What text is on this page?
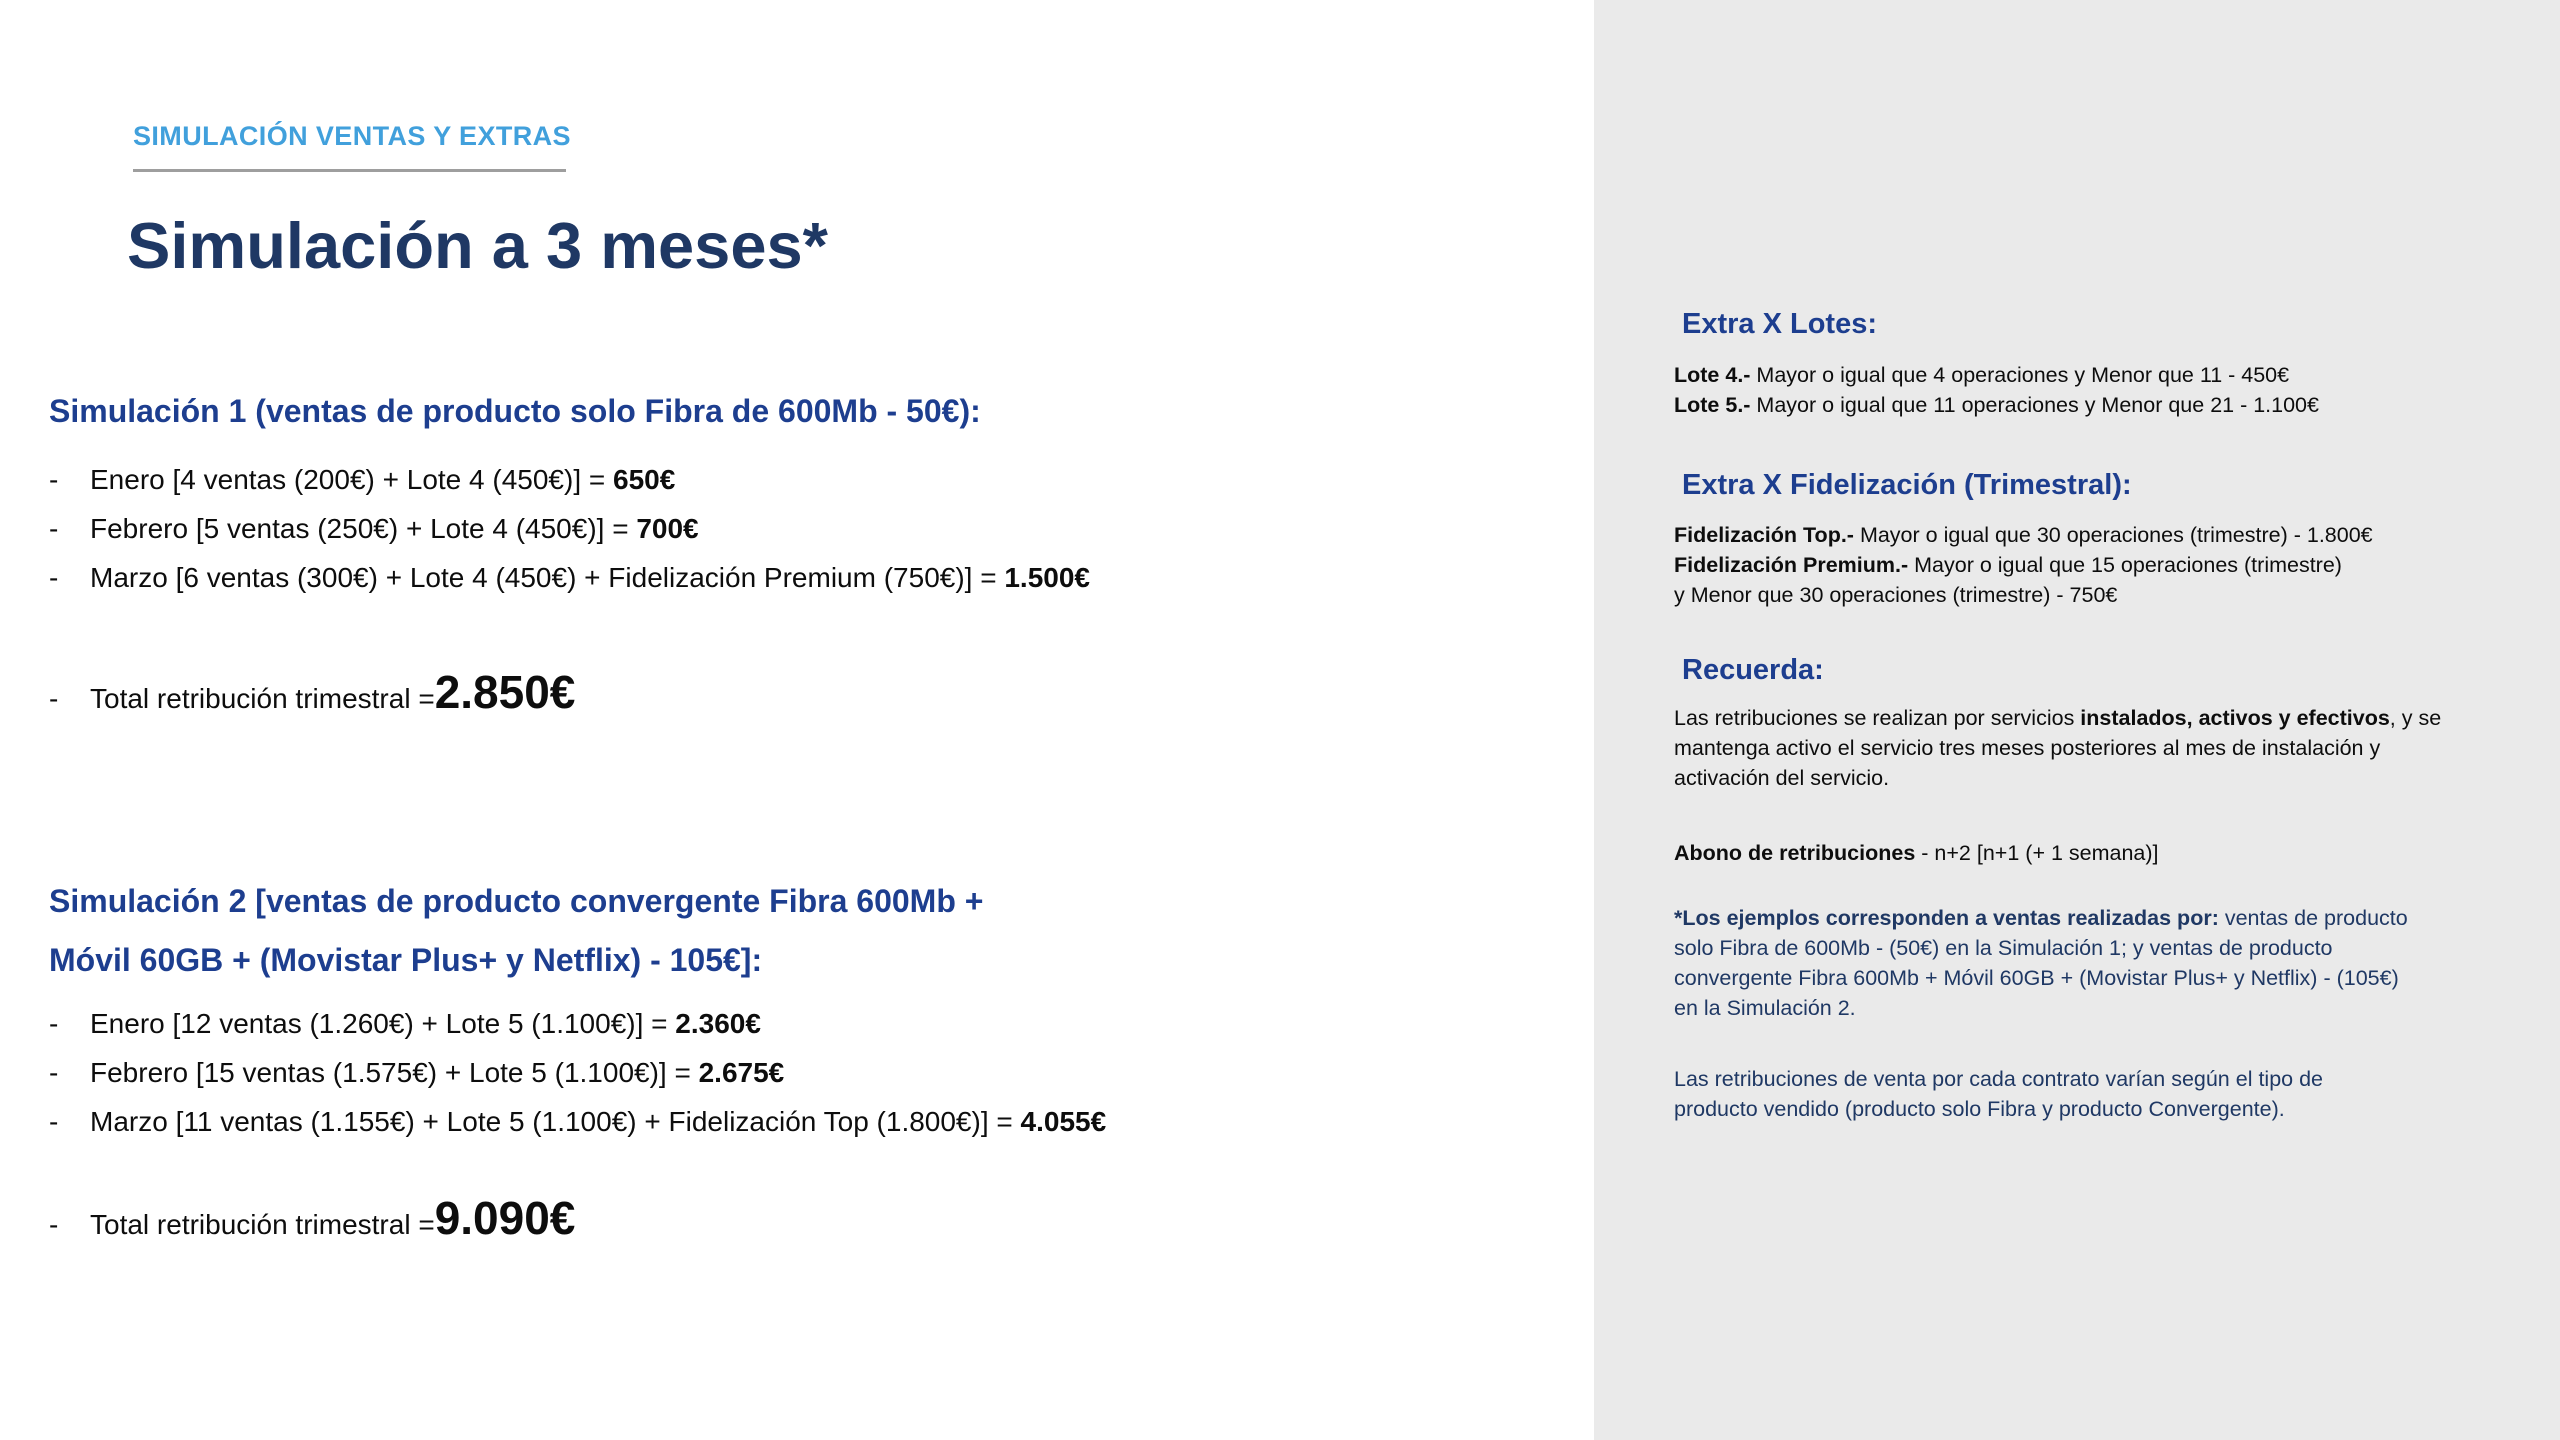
SIMULACIÓN VENTAS Y EXTRAS
Simulación a 3 meses*
Simulación 1 (ventas de producto solo Fibra de 600Mb - 50€):
-	Enero [4 ventas (200€) + Lote 4 (450€)] = 650€
-	Febrero [5 ventas (250€) + Lote 4 (450€)] = 700€
-	Marzo [6 ventas (300€) + Lote 4 (450€) + Fidelización Premium (750€)] = 1.500€
-	Total retribución trimestral = 2.850€
Simulación 2 [ventas de producto convergente Fibra 600Mb +
Móvil 60GB + (Movistar Plus+ y Netflix) - 105€]:
-	Enero [12 ventas (1.260€) + Lote 5 (1.100€)] = 2.360€
-	Febrero [15 ventas (1.575€) + Lote 5 (1.100€)] = 2.675€
-	Marzo [11 ventas (1.155€) + Lote 5 (1.100€) + Fidelización Top (1.800€)] = 4.055€
-	Total retribución trimestral = 9.090€
Extra X Lotes:
Lote 4.- Mayor o igual que 4 operaciones y Menor que 11 - 450€
Lote 5.- Mayor o igual que 11 operaciones y Menor que 21 - 1.100€
Extra X Fidelización (Trimestral):
Fidelización Top.- Mayor o igual que 30 operaciones (trimestre) - 1.800€
Fidelización Premium.- Mayor o igual que 15 operaciones (trimestre)
y Menor que 30 operaciones (trimestre) - 750€
Recuerda:
Las retribuciones se realizan por servicios instalados, activos y efectivos, y se
mantenga activo el servicio tres meses posteriores al mes de instalación y
activación del servicio.
Abono de retribuciones - n+2 [n+1 (+ 1 semana)]
*Los ejemplos corresponden a ventas realizadas por: ventas de producto
solo Fibra de 600Mb - (50€) en la Simulación 1; y ventas de producto
convergente Fibra 600Mb + Móvil 60GB + (Movistar Plus+ y Netflix) - (105€)
en la Simulación 2.
Las retribuciones de venta por cada contrato varían según el tipo de
producto vendido (producto solo Fibra y producto Convergente).
